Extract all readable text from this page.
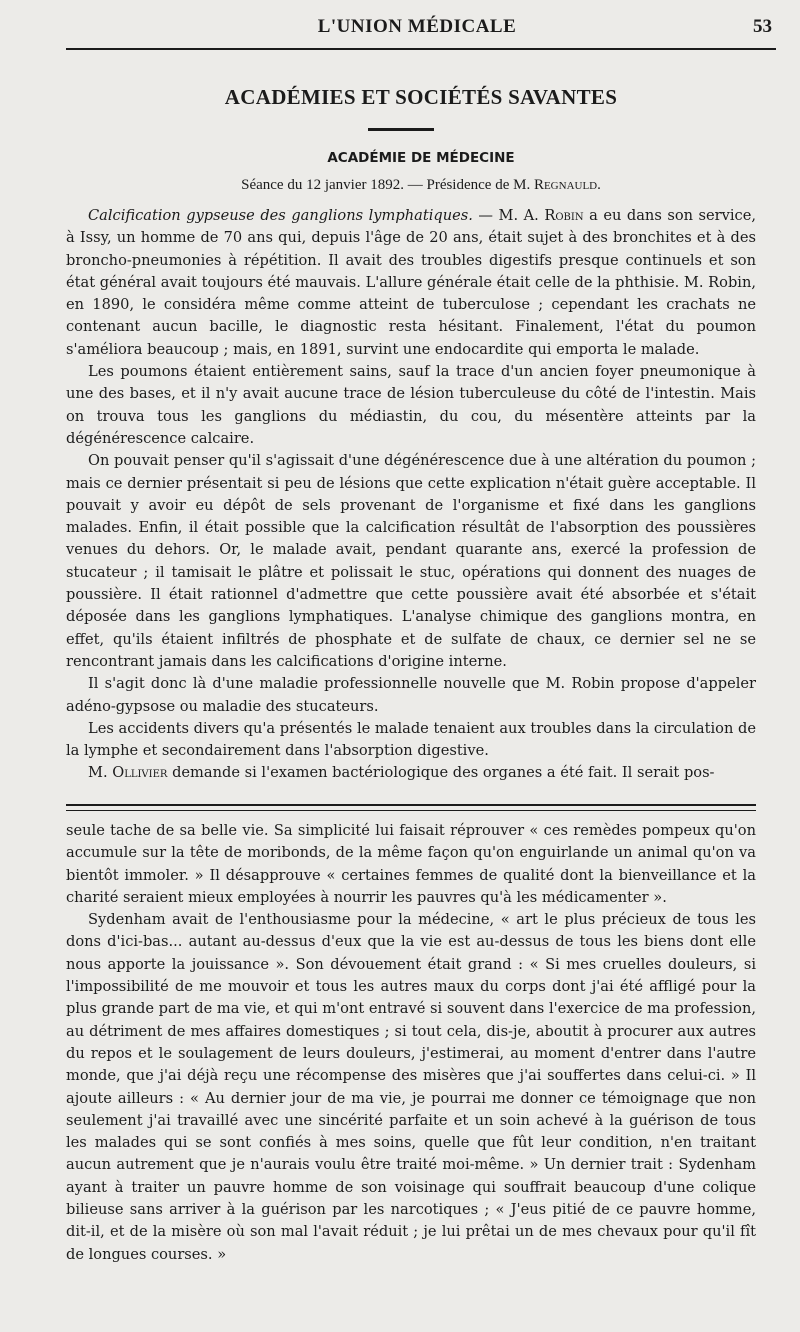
L'UNION MÉDICALE	53
ACADÉMIES ET SOCIÉTÉS SAVANTES
ACADÉMIE DE MÉDECINE
Séance du 12 janvier 1892. — Présidence de M. Regnauld.

Calcification gypseuse des ganglions lymphatiques. — M. A. Robin a eu dans son service, à Issy, un homme de 70 ans qui, depuis l'âge de 20 ans, était sujet à des bronchites et à des broncho-pneumonies à répétition. Il avait des troubles digestifs presque continuels et son état général avait toujours été mauvais. L'allure générale était celle de la phthisie. M. Robin, en 1890, le considéra même comme atteint de tuberculose ; cependant les crachats ne contenant aucun bacille, le diagnostic resta hésitant. Finalement, l'état du poumon s'améliora beaucoup ; mais, en 1891, survint une endocardite qui emporta le malade.

Les poumons étaient entièrement sains, sauf la trace d'un ancien foyer pneumonique à une des bases, et il n'y avait aucune trace de lésion tuberculeuse du côté de l'intestin. Mais on trouva tous les ganglions du médiastin, du cou, du mésentère atteints par la dégénérescence calcaire.

On pouvait penser qu'il s'agissait d'une dégénérescence due à une altération du poumon ; mais ce dernier présentait si peu de lésions que cette explication n'était guère acceptable. Il pouvait y avoir eu dépôt de sels provenant de l'organisme et fixé dans les ganglions malades. Enfin, il était possible que la calcification résultât de l'absorption des poussières venues du dehors. Or, le malade avait, pendant quarante ans, exercé la profession de stucateur ; il tamisait le plâtre et polissait le stuc, opérations qui donnent des nuages de poussière. Il était rationnel d'admettre que cette poussière avait été absorbée et s'était déposée dans les ganglions lymphatiques. L'analyse chimique des ganglions montra, en effet, qu'ils étaient infiltrés de phosphate et de sulfate de chaux, ce dernier sel ne se rencontrant jamais dans les calcifications d'origine interne.

Il s'agit donc là d'une maladie professionnelle nouvelle que M. Robin propose d'appeler adéno-gypsose ou maladie des stucateurs.

Les accidents divers qu'a présentés le malade tenaient aux troubles dans la circulation de la lymphe et secondairement dans l'absorption digestive.

M. Ollivier demande si l'examen bactériologique des organes a été fait. Il serait pos-

seule tache de sa belle vie. Sa simplicité lui faisait réprouver « ces remèdes pompeux qu'on accumule sur la tête de moribonds, de la même façon qu'on enguirlande un animal qu'on va bientôt immoler. » Il désapprouve « certaines femmes de qualité dont la bienveillance et la charité seraient mieux employées à nourrir les pauvres qu'à les médicamenter ».

Sydenham avait de l'enthousiasme pour la médecine, « art le plus précieux de tous les dons d'ici-bas... autant au-dessus d'eux que la vie est au-dessus de tous les biens dont elle nous apporte la jouissance ». Son dévouement était grand : « Si mes cruelles douleurs, si l'impossibilité de me mouvoir et tous les autres maux du corps dont j'ai été affligé pour la plus grande part de ma vie, et qui m'ont entravé si souvent dans l'exercice de ma profession, au détriment de mes affaires domestiques ; si tout cela, dis-je, aboutit à procurer aux autres du repos et le soulagement de leurs douleurs, j'estimerai, au moment d'entrer dans l'autre monde, que j'ai déjà reçu une récompense des misères que j'ai souffertes dans celui-ci. » Il ajoute ailleurs : « Au dernier jour de ma vie, je pourrai me donner ce témoignage que non seulement j'ai travaillé avec une sincérité parfaite et un soin achevé à la guérison de tous les malades qui se sont confiés à mes soins, quelle que fût leur condition, n'en traitant aucun autrement que je n'aurais voulu être traité moi-même. » Un dernier trait : Sydenham ayant à traiter un pauvre homme de son voisinage qui souffrait beaucoup d'une colique bilieuse sans arriver à la guérison par les narcotiques ; « J'eus pitié de ce pauvre homme, dit-il, et de la misère où son mal l'avait réduit ; je lui prêtai un de mes chevaux pour qu'il fît de longues courses. »
